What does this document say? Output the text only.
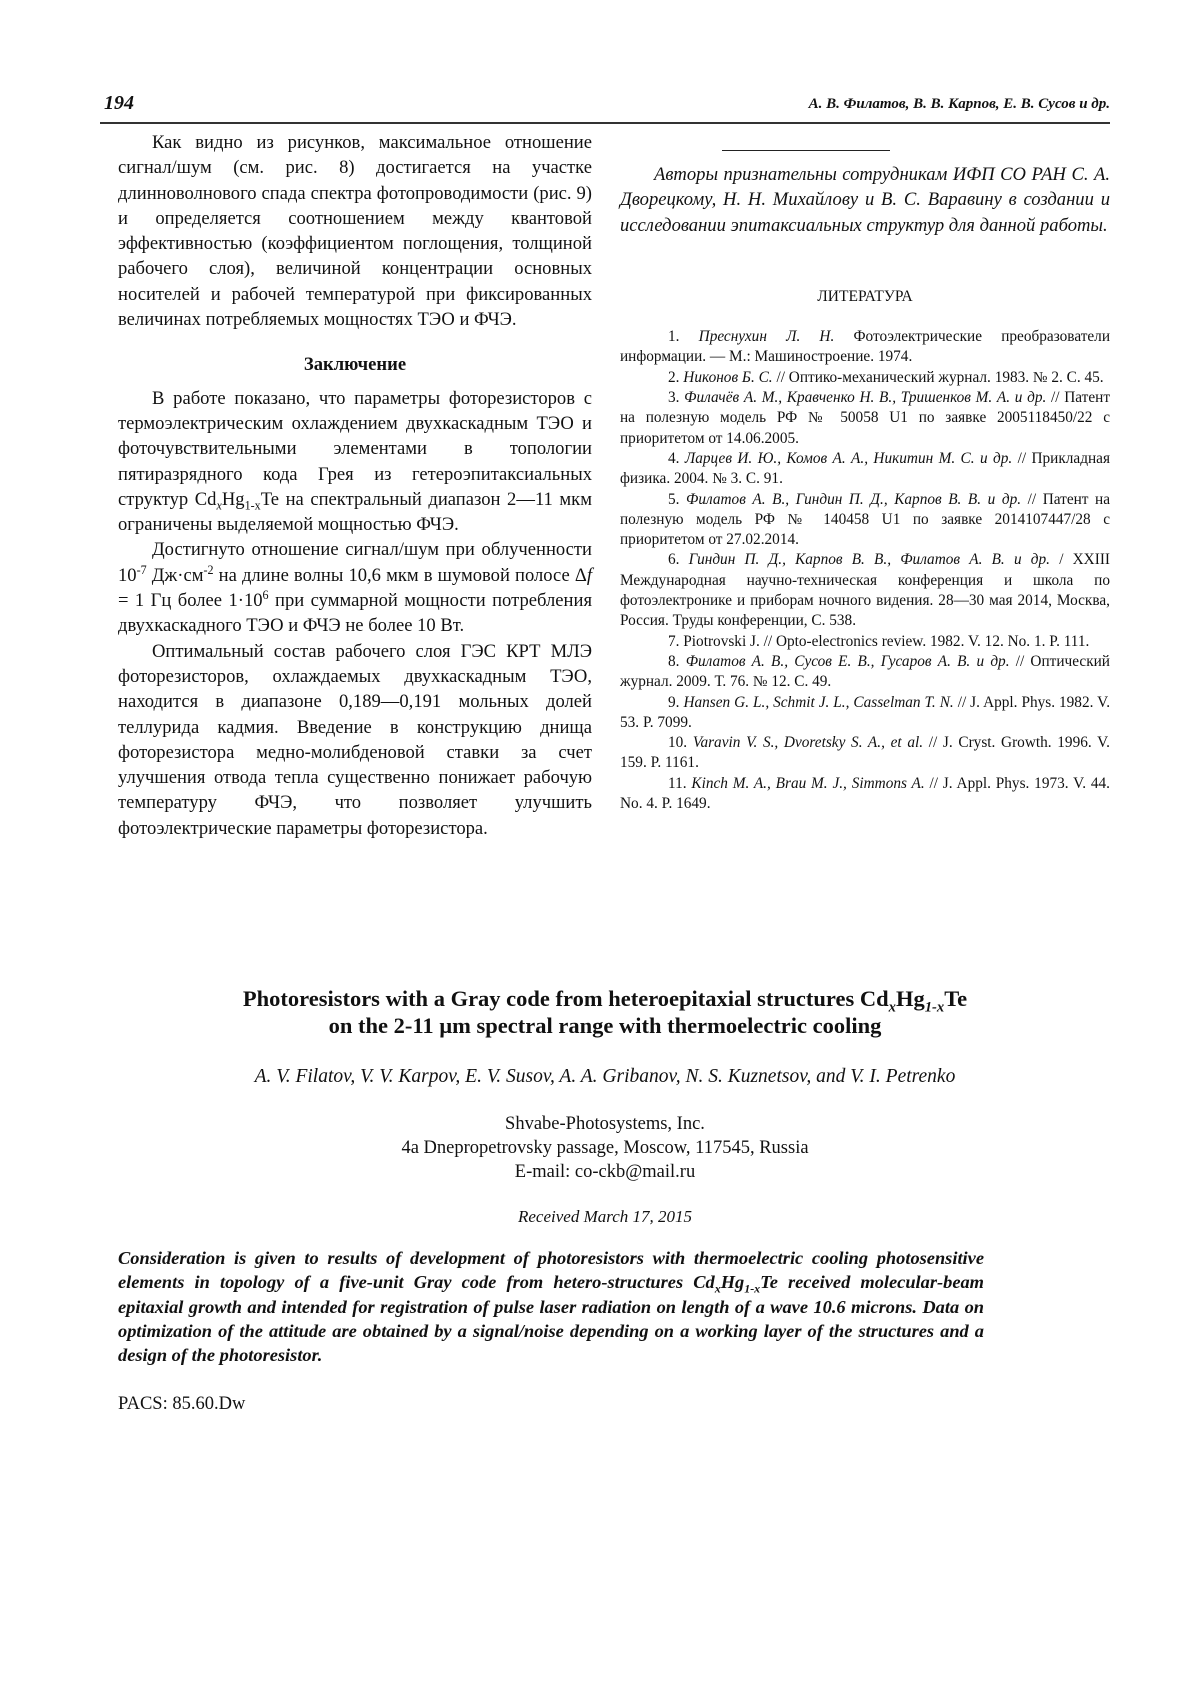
194	А. В. Филатов, В. В. Карпов, Е. В. Сусов и др.

Как видно из рисунков, максимальное отношение сигнал/шум (см. рис. 8) достигается на участке длинноволнового спада спектра фотопроводимости (рис. 9) и определяется соотношением между квантовой эффективностью (коэффициентом поглощения, толщиной рабочего слоя), величиной концентрации основных носителей и рабочей температурой при фиксированных величинах потребляемых мощностях ТЭО и ФЧЭ.

Заключение

В работе показано, что параметры фоторезисторов с термоэлектрическим охлаждением двухкаскадным ТЭО и фоточувствительными элементами в топологии пятиразрядного кода Грея из гетероэпитаксиальных структур $Cd_xHg_{1-x}Te$ на спектральный диапазон 2—11 мкм ограничены выделяемой мощностью ФЧЭ.

Достигнуто отношение сигнал/шум при облученности $10^{-7}$ $Дж\cdot см^{-2}$ на длине волны 10,6 мкм в шумовой полосе Δf = 1 Гц более $1\cdot 10^6$ при суммарной мощности потребления двухкаскадного ТЭО и ФЧЭ не более 10 Вт.

Оптимальный состав рабочего слоя ГЭС КРТ МЛЭ фоторезисторов, охлаждаемых двухкаскадным ТЭО, находится в диапазоне 0,189—0,191 мольных долей теллурида кадмия. Введение в конструкцию днища фоторезистора медно-молибденовой ставки за счет улучшения отвода тепла существенно понижает рабочую температуру ФЧЭ, что позволяет улучшить фотоэлектрические параметры фоторезистора.

Авторы признательны сотрудникам ИФП СО РАН С. А. Дворецкому, Н. Н. Михайлову и В. С. Варавину в создании и исследовании эпитаксиальных структур для данной работы.

ЛИТЕРАТУРА

1. Преснухин Л. Н. Фотоэлектрические преобразователи информации. — М.: Машиностроение. 1974.

2. Никонов Б. С. // Оптико-механический журнал. 1983. № 2. С. 45.

3. Филачёв А. М., Кравченко Н. В., Тришенков М. А. и др. // Патент на полезную модель РФ № 50058 U1 по заявке 2005118450/22 с приоритетом от 14.06.2005.

4. Ларцев И. Ю., Комов А. А., Никитин М. С. и др. // Прикладная физика. 2004. № 3. С. 91.

5. Филатов А. В., Гиндин П. Д., Карпов В. В. и др. // Патент на полезную модель РФ № 140458 U1 по заявке 2014107447/28 с приоритетом от 27.02.2014.

6. Гиндин П. Д., Карпов В. В., Филатов А. В. и др. / XXIII Международная научно-техническая конференция и школа по фотоэлектронике и приборам ночного видения. 28—30 мая 2014, Москва, Россия. Труды конференции, С. 538.

7. Piotrovski J. // Opto-electronics review. 1982. V. 12. No. 1. P. 111.

8. Филатов А. В., Сусов Е. В., Гусаров А. В. и др. // Оптический журнал. 2009. Т. 76. № 12. С. 49.

9. Hansen G. L., Schmit J. L., Casselman T. N. // J. Appl. Phys. 1982. V. 53. P. 7099.

10. Varavin V. S., Dvoretsky S. A., et al. // J. Cryst. Growth. 1996. V. 159. P. 1161.

11. Kinch M. A., Brau M. J., Simmons A. // J. Appl. Phys. 1973. V. 44. No. 4. P. 1649.

Photoresistors with a Gray code from heteroepitaxial structures $Cd_xHg_{1-x}Te$
on the 2-11 µm spectral range with thermoelectric cooling
A. V. Filatov, V. V. Karpov, E. V. Susov, A. A. Gribanov, N. S. Kuznetsov, and V. I. Petrenko
Shvabe-Photosystems, Inc.
4a Dnepropetrovsky passage, Moscow, 117545, Russia
E-mail: co-ckb@mail.ru
Received March 17, 2015
Consideration is given to results of development of photoresistors with thermoelectric cooling photosensitive elements in topology of a five-unit Gray code from hetero-structures $Cd_xHg_{1-x}Te$ received molecular-beam epitaxial growth and intended for registration of pulse laser radiation on length of a wave 10.6 microns. Data on optimization of the attitude are obtained by a signal/noise depending on a working layer of the structures and a design of the photoresistor.
PACS: 85.60.Dw
